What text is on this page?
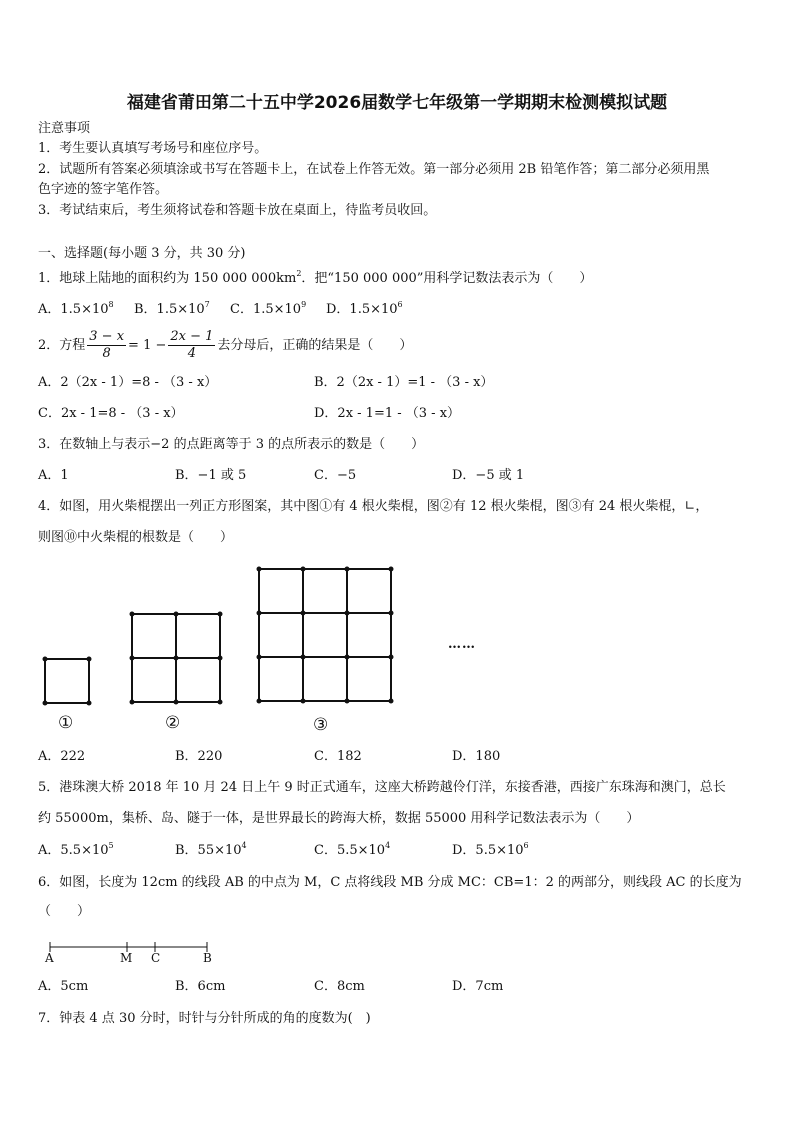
福建省莆田第二十五中学2026届数学七年级第一学期期末检测模拟试题
注意事项
1．考生要认真填写考场号和座位序号。
2．试题所有答案必须填涂或书写在答题卡上，在试卷上作答无效。第一部分必须用 2B 铅笔作答；第二部分必须用黑
色字迹的签字笔作答。
3．考试结束后，考生须将试卷和答题卡放在桌面上，待监考员收回。
一、选择题(每小题 3 分，共 30 分)
1．地球上陆地的面积约为 150 000 $000km^2$．把“150 000 000”用科学记数法表示为（　　）
A．$1.5\times 10^8$ B．$1.5\times 10^7$ C．$1.5\times 10^9$ D．$1.5\times 10^6$
2．方程 $\frac{3 - x}{8} = 1 - \frac{2x - 1}{4}$ 去分母后，正确的结果是（　　）
A．2（2x - 1）=8 - （3 - x）	B．2（2x - 1）=1 - （3 - x）
C．2x - 1=8 - （3 - x）	D．2x - 1=1 - （3 - x）
3．在数轴上与表示−2 的点距离等于 3 的点所表示的数是（　　）
A．1	B．−1 或 5	C．−5	D．−5 或 1
4．如图，用火柴棍摆出一列正方形图案，其中图①有 4 根火柴棍，图②有 12 根火柴棍，图③有 24 根火柴棍，∟，
则图⑩中火柴棍的根数是（　　）
①	②	③
……
A．222	B．220	C．182	D．180
5．港珠澳大桥 2018 年 10 月 24 日上午 9 时正式通车，这座大桥跨越伶仃洋，东接香港，西接广东珠海和澳门，总长
约 55000m，集桥、岛、隧于一体，是世界最长的跨海大桥，数据 55000 用科学记数法表示为（　　）
A．$5.5\times 10^5$	B．$55\times 10^4$	C．$5.5\times 10^4$	D．$5.5\times 10^6$
6．如图，长度为 12cm 的线段 AB 的中点为 M，C 点将线段 MB 分成 MC：CB=1：2 的两部分，则线段 AC 的长度为
（　　）
A	M C	B
A．5cm	B．6cm	C．8cm	D．7cm
7．钟表 4 点 30 分时，时针与分针所成的角的度数为(　)
